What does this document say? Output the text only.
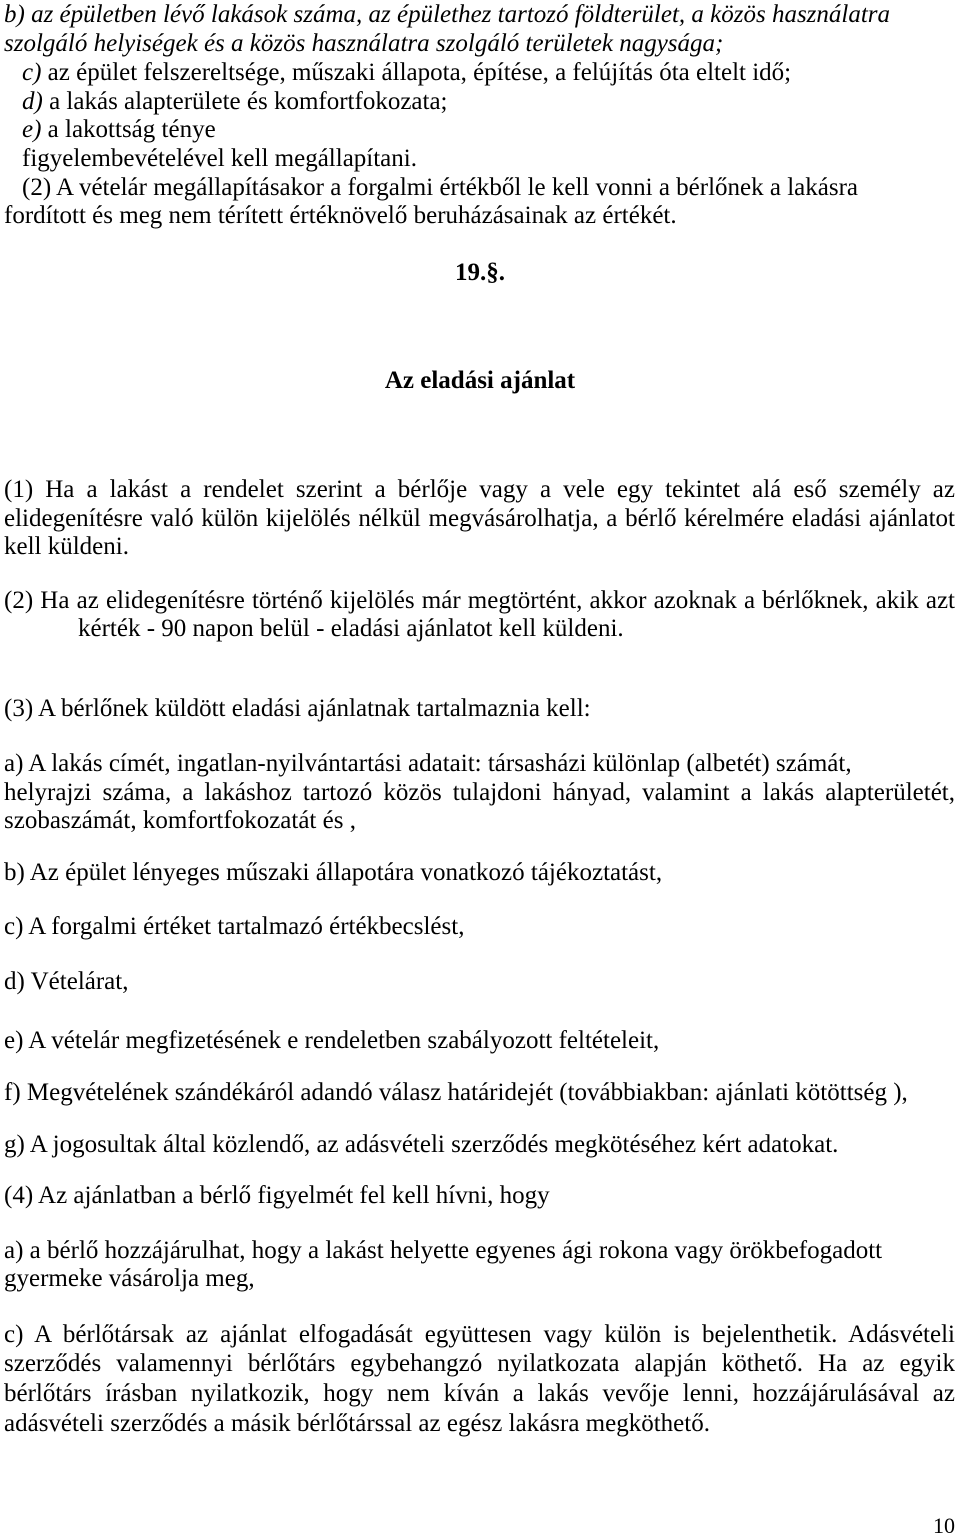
b) az épületben lévő lakások száma, az épülethez tartozó földterület, a közös használatra
szolgáló helyiségek és a közös használatra szolgáló területek nagysága;
c) az épület felszereltsége, műszaki állapota, építése, a felújítás óta eltelt idő;
d) a lakás alapterülete és komfortfokozata;
e) a lakottság ténye
figyelembevételével kell megállapítani.
(2) A vételár megállapításakor a forgalmi értékből le kell vonni a bérlőnek a lakásra
fordított és meg nem térített értéknövelő beruházásainak az értékét.
19.§.
Az eladási ajánlat
(1) Ha a lakást a rendelet szerint a bérlője vagy a vele egy tekintet alá eső személy az
elidegenítésre való külön kijelölés nélkül megvásárolhatja, a bérlő kérelmére eladási ajánlatot
kell küldeni.
(2) Ha az elidegenítésre történő kijelölés már megtörtént, akkor azoknak a bérlőknek, akik azt
kérték - 90 napon belül - eladási ajánlatot kell küldeni.
(3) A bérlőnek küldött eladási ajánlatnak tartalmaznia kell:
a) A lakás címét, ingatlan-nyilvántartási adatait: társasházi különlap (albetét) számát,
helyrajzi száma, a lakáshoz tartozó közös tulajdoni hányad, valamint a lakás alapterületét,
szobaszámát, komfortfokozatát és ,
b) Az épület lényeges műszaki állapotára vonatkozó tájékoztatást,
c) A forgalmi értéket tartalmazó értékbecslést,
d) Vételárat,
e) A vételár megfizetésének e rendeletben szabályozott feltételeit,
f) Megvételének szándékáról adandó válasz határidejét (továbbiakban: ajánlati kötöttség ),
g) A jogosultak által közlendő, az adásvételi szerződés megkötéséhez kért adatokat.
(4) Az ajánlatban a bérlő figyelmét fel kell hívni, hogy
a) a bérlő hozzájárulhat, hogy a lakást helyette egyenes ági rokona vagy örökbefogadott
gyermeke vásárolja meg,
c) A bérlőtársak az ajánlat elfogadását együttesen vagy külön is bejelenthetik. Adásvételi
szerződés valamennyi bérlőtárs egybehangzó nyilatkozata alapján köthető. Ha az egyik
bérlőtárs írásban nyilatkozik, hogy nem kíván a lakás vevője lenni, hozzájárulásával az
adásvételi szerződés a másik bérlőtárssal az egész lakásra megköthető.
10
